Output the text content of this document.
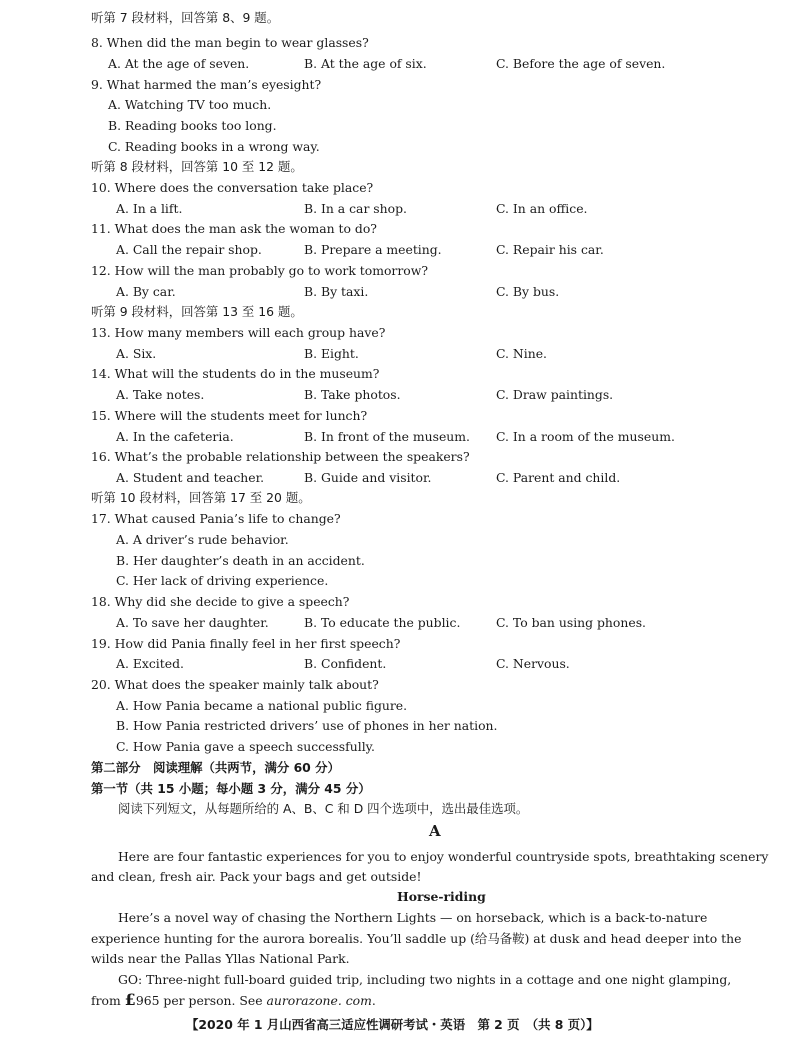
听第 7 段材料，回答第 8、9 题。
8. When did the man begin to wear glasses?
A. At the age of seven.	B. At the age of six.	C. Before the age of seven.
9. What harmed the man’s eyesight?
A. Watching TV too much.
B. Reading books too long.
C. Reading books in a wrong way.
听第 8 段材料，回答第 10 至 12 题。
10. Where does the conversation take place?
A. In a lift.	B. In a car shop.	C. In an office.
11. What does the man ask the woman to do?
A. Call the repair shop.	B. Prepare a meeting.	C. Repair his car.
12. How will the man probably go to work tomorrow?
A. By car.	B. By taxi.	C. By bus.
听第 9 段材料，回答第 13 至 16 题。
13. How many members will each group have?
A. Six.	B. Eight.	C. Nine.
14. What will the students do in the museum?
A. Take notes.	B. Take photos.	C. Draw paintings.
15. Where will the students meet for lunch?
A. In the cafeteria.	B. In front of the museum. C. In a room of the museum.
16. What’s the probable relationship between the speakers?
A. Student and teacher.	B. Guide and visitor.	C. Parent and child.
听第 10 段材料，回答第 17 至 20 题。
17. What caused Pania’s life to change?
A. A driver’s rude behavior.
B. Her daughter’s death in an accident.
C. Her lack of driving experience.
18. Why did she decide to give a speech?
A. To save her daughter.	B. To educate the public.	C. To ban using phones.
19. How did Pania finally feel in her first speech?
A. Excited.	B. Confident.	C. Nervous.
20. What does the speaker mainly talk about?
A. How Pania became a national public figure.
B. How Pania restricted drivers’ use of phones in her nation.
C. How Pania gave a speech successfully.
第二部分　阅读理解（共两节，满分 60 分）
第一节（共 15 小题；每小题 3 分，满分 45 分）
阅读下列短文，从每题所给的 A、B、C 和 D 四个选项中，选出最佳选项。
A
Here are four fantastic experiences for you to enjoy wonderful countryside spots, breathtaking scenery
and clean, fresh air. Pack your bags and get outside!
Horse-riding
Here’s a novel way of chasing the Northern Lights — on horseback, which is a back-to-nature
experience hunting for the aurora borealis. You’ll saddle up (给马备鞍) at dusk and head deeper into the
wilds near the Pallas Yllas National Park.
GO: Three-night full-board guided trip, including two nights in a cottage and one night glamping,
from £965 per person. See aurorazone. com.
【2020 年 1 月山西省高三适应性调研考试・英语　第 2 页　（共 8 页）】
